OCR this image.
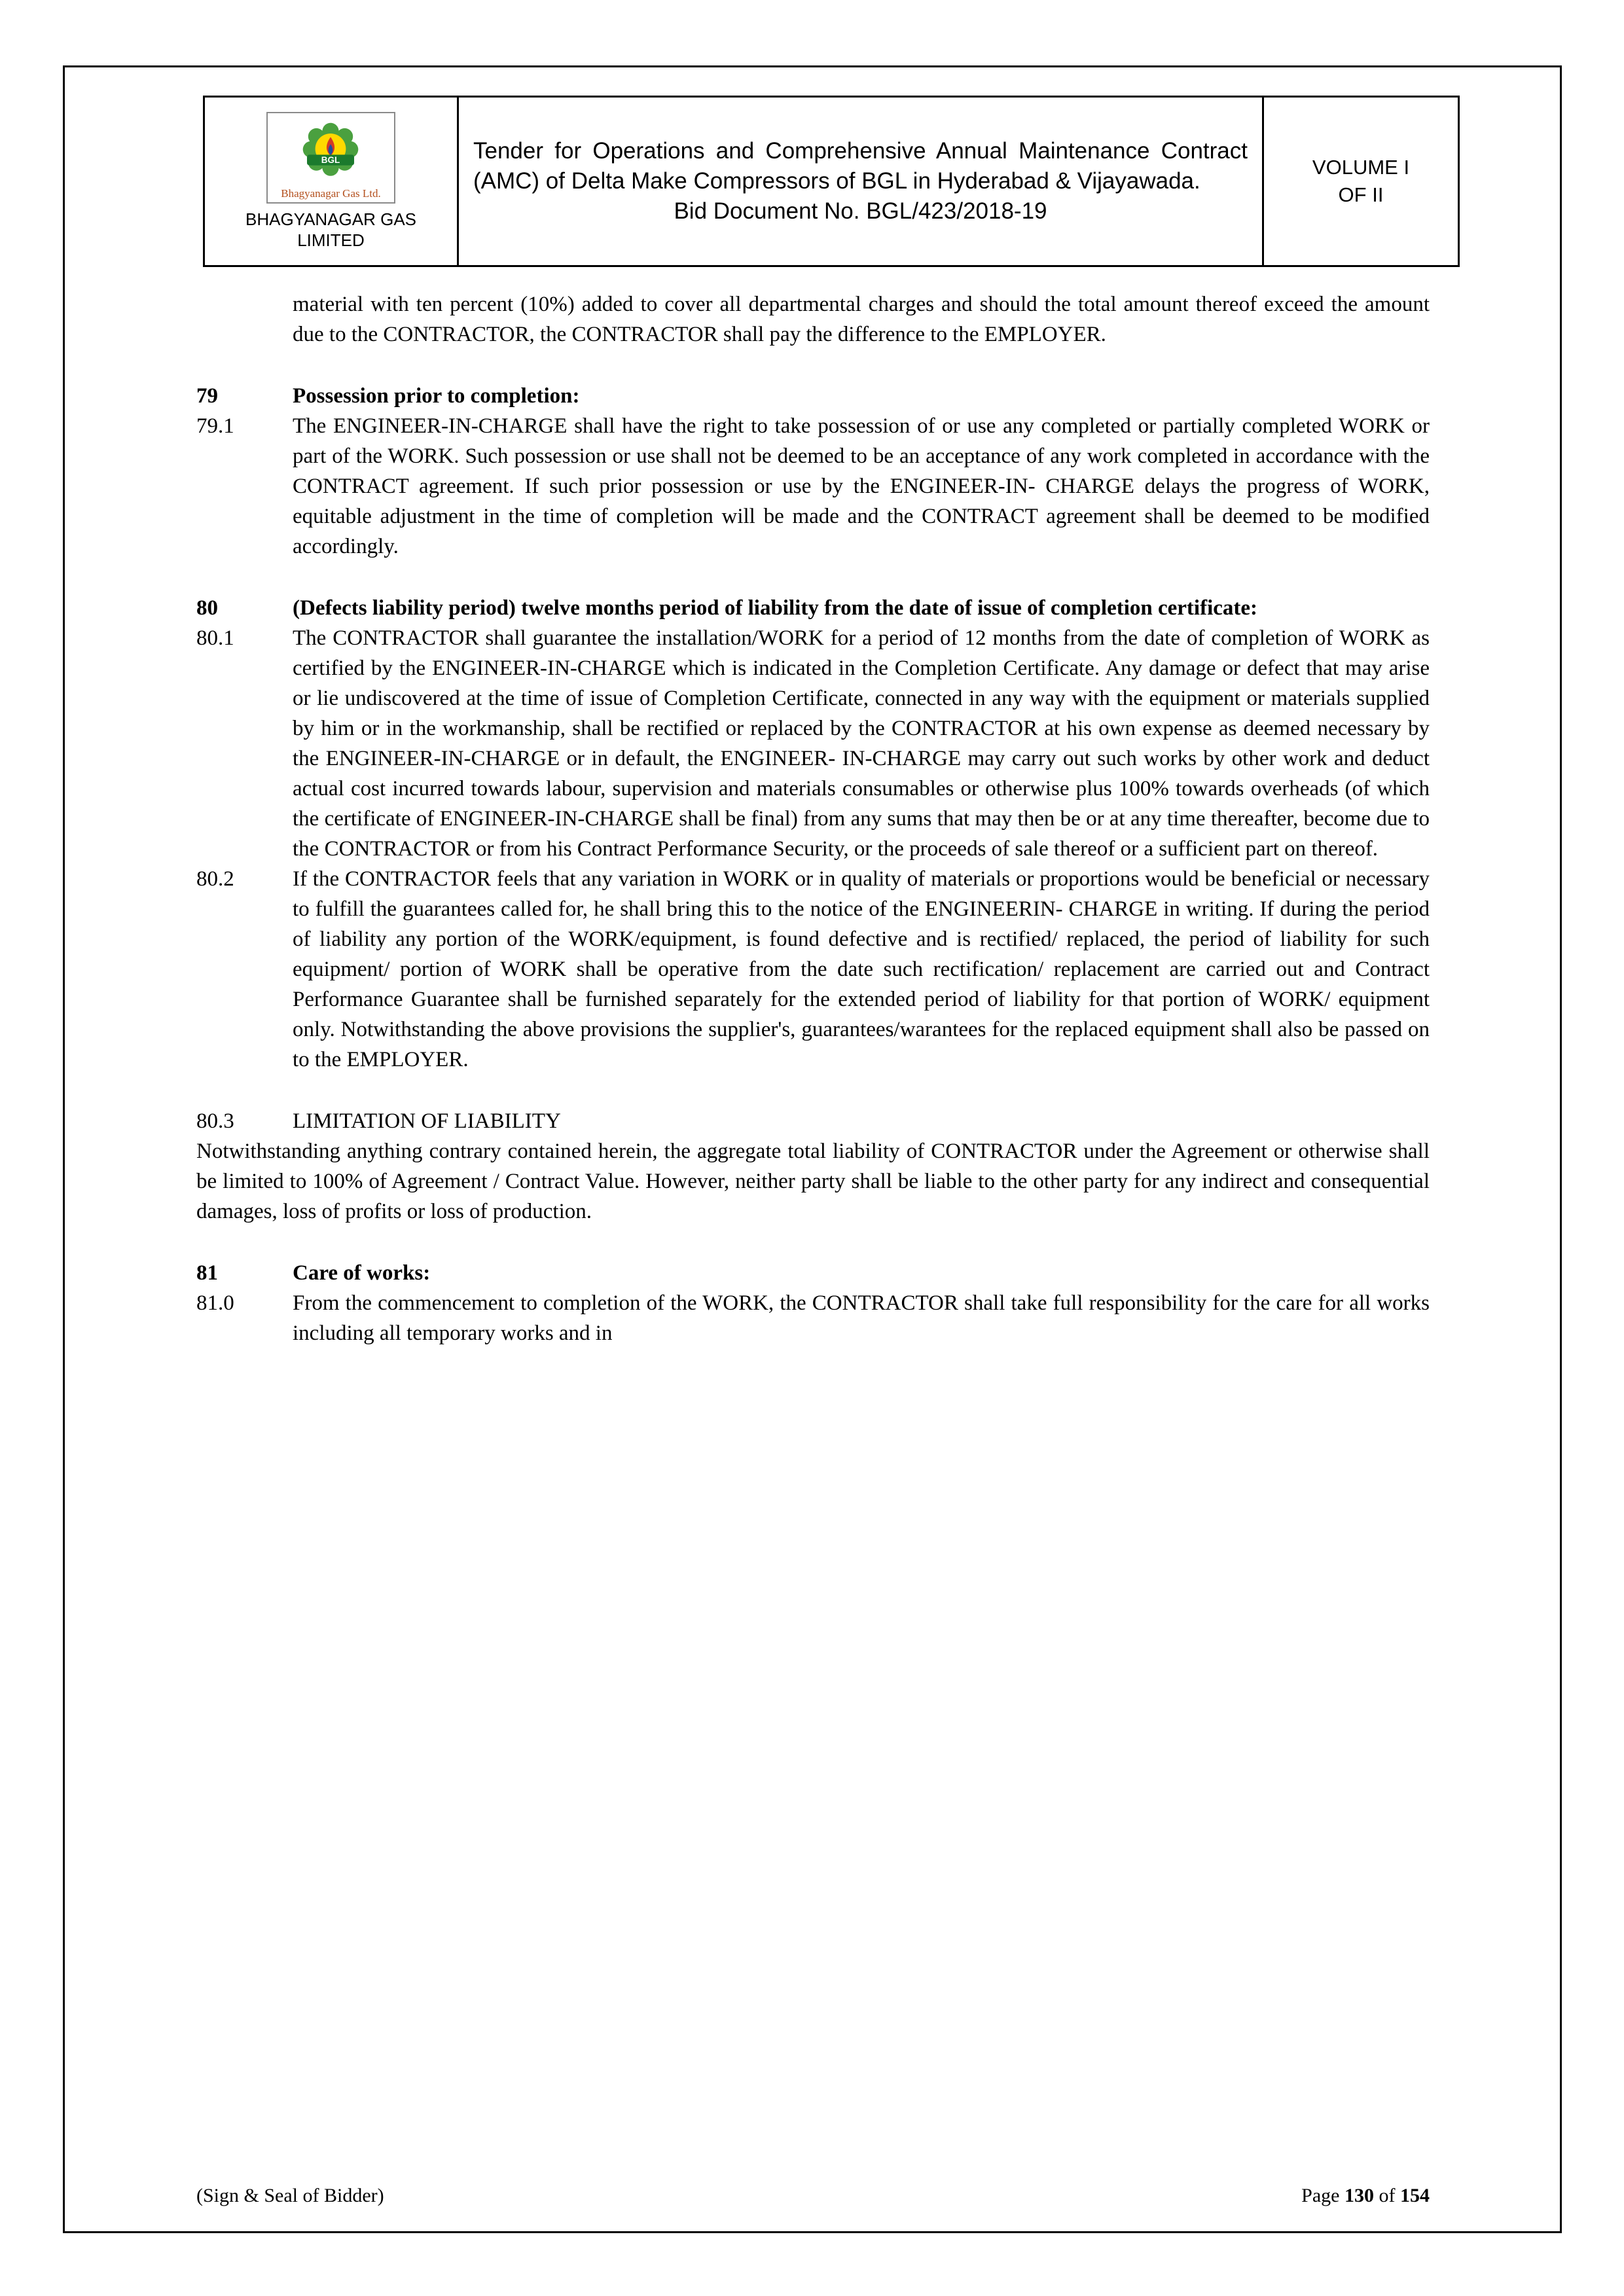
BGL
Bhagyanagar Gas Ltd.
BHAGYANAGAR GAS LIMITED
Tender for Operations and Comprehensive Annual Maintenance Contract (AMC) of Delta Make Compressors of BGL in Hyderabad & Vijayawada.
Bid Document No. BGL/423/2018-19
VOLUME I
OF II
material with ten percent (10%) added to cover all departmental charges and should the total amount thereof exceed the amount due to the CONTRACTOR, the CONTRACTOR shall pay the difference to the EMPLOYER.
79	Possession prior to completion:
79.1	The ENGINEER-IN-CHARGE shall have the right to take possession of or use any completed or partially completed WORK or part of the WORK. Such possession or use shall not be deemed to be an acceptance of any work completed in accordance with the CONTRACT agreement. If such prior possession or use by the ENGINEER-IN- CHARGE delays the progress of WORK, equitable adjustment in the time of completion will be made and the CONTRACT agreement shall be deemed to be modified accordingly.
80	(Defects liability period) twelve months period of liability from the date of issue of completion certificate:
80.1	The CONTRACTOR shall guarantee the installation/WORK for a period of 12 months from the date of completion of WORK as certified by the ENGINEER-IN-CHARGE which is indicated in the Completion Certificate. Any damage or defect that may arise or lie undiscovered at the time of issue of Completion Certificate, connected in any way with the equipment or materials supplied by him or in the workmanship, shall be rectified or replaced by the CONTRACTOR at his own expense as deemed necessary by the ENGINEER-IN-CHARGE or in default, the ENGINEER- IN-CHARGE may carry out such works by other work and deduct actual cost incurred towards labour, supervision and materials consumables or otherwise plus 100% towards overheads (of which the certificate of ENGINEER-IN-CHARGE shall be final) from any sums that may then be or at any time thereafter, become due to the CONTRACTOR or from his Contract Performance Security, or the proceeds of sale thereof or a sufficient part on thereof.
80.2	If the CONTRACTOR feels that any variation in WORK or in quality of materials or proportions would be beneficial or necessary to fulfill the guarantees called for, he shall bring this to the notice of the ENGINEERIN- CHARGE in writing. If during the period of liability any portion of the WORK/equipment, is found defective and is rectified/ replaced, the period of liability for such equipment/ portion of WORK shall be operative from the date such rectification/ replacement are carried out and Contract Performance Guarantee shall be furnished separately for the extended period of liability for that portion of WORK/ equipment only. Notwithstanding the above provisions the supplier's, guarantees/warantees for the replaced equipment shall also be passed on to the EMPLOYER.
80.3	LIMITATION OF LIABILITY
Notwithstanding anything contrary contained herein, the aggregate total liability of CONTRACTOR under the Agreement or otherwise shall be limited to 100% of Agreement / Contract Value. However, neither party shall be liable to the other party for any indirect and consequential damages, loss of profits or loss of production.
81	Care of works:
81.0	From the commencement to completion of the WORK, the CONTRACTOR shall take full responsibility for the care for all works including all temporary works and in
(Sign & Seal of Bidder)	Page 130 of 154
